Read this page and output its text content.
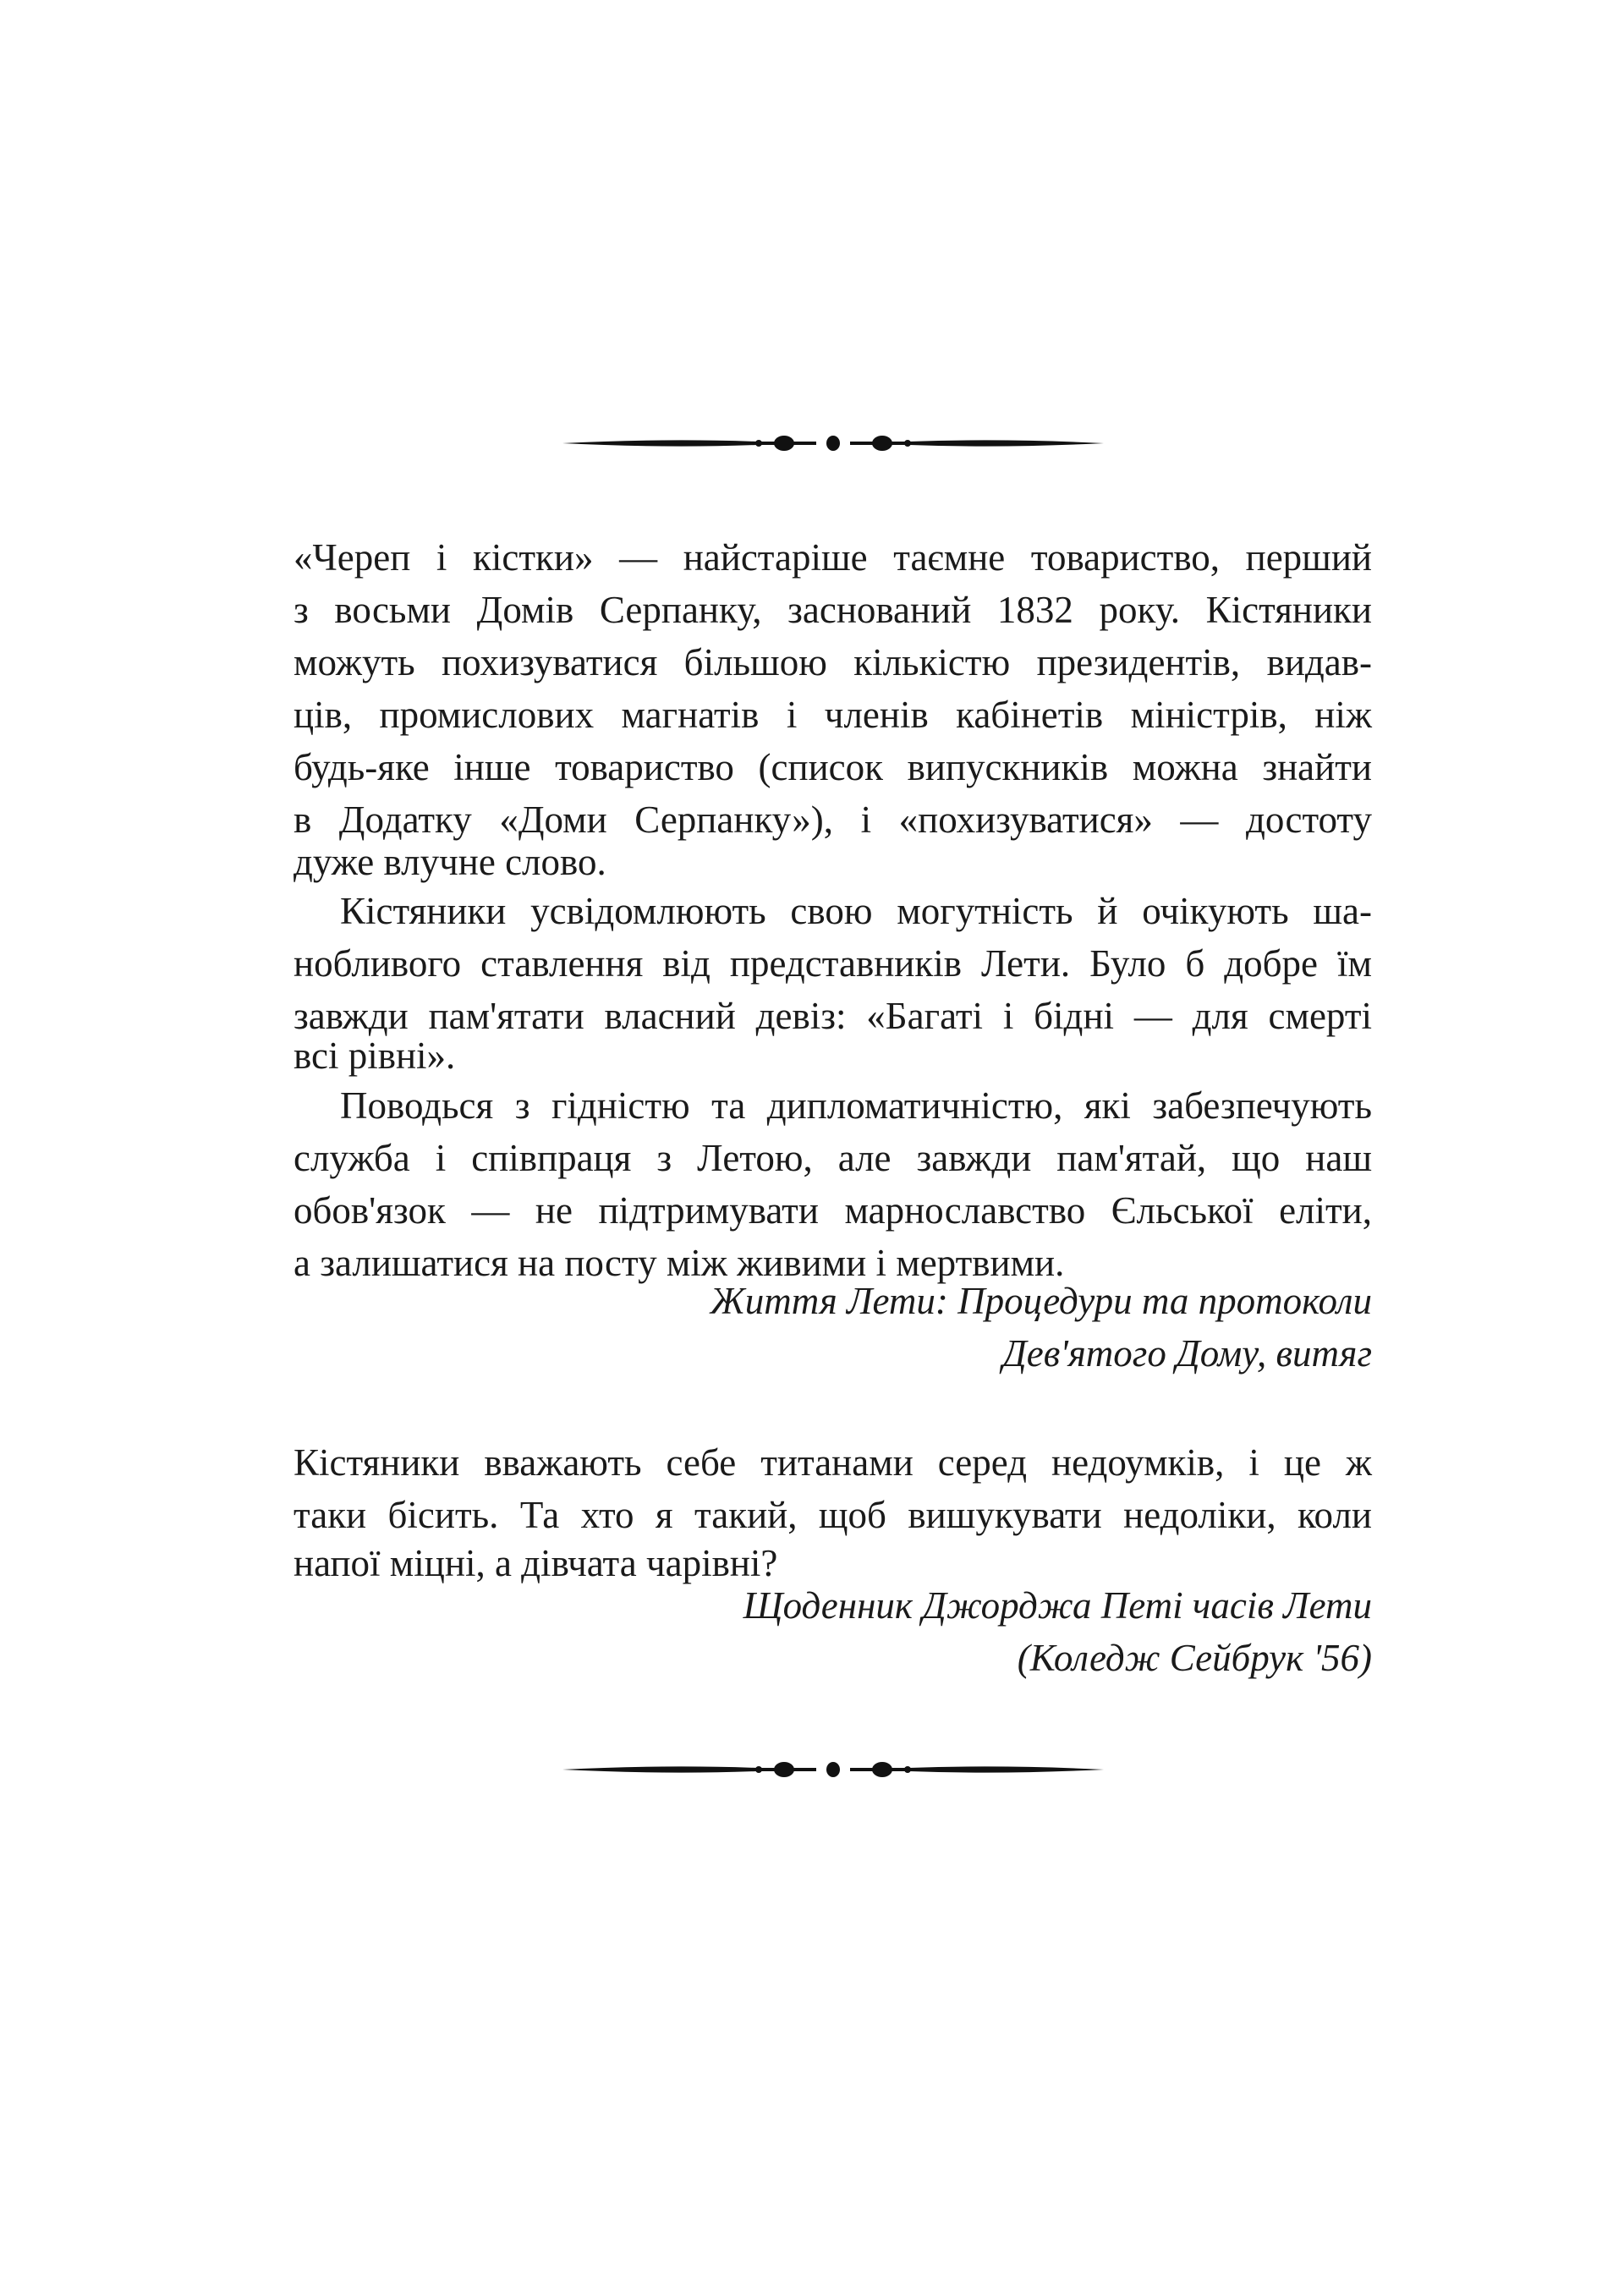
«Череп і кістки» — найстаріше таємне товариство, перший
з восьми Домів Серпанку, заснований 1832 року. Кістяники
можуть похизуватися більшою кількістю президентів, видав-
ців, промислових магнатів і членів кабінетів міністрів, ніж
будь-яке інше товариство (список випускників можна знайти
в Додатку «Доми Серпанку»), і «похизуватися» — достоту
дуже влучне слово.
Кістяники усвідомлюють свою могутність й очікують ша-
нобливого ставлення від представників Лети. Було б добре їм
завжди пам'ятати власний девіз: «Багаті і бідні — для смерті
всі рівні».
Поводься з гідністю та дипломатичністю, які забезпечують
служба і співпраця з Летою, але завжди пам'ятай, що наш
обов'язок — не підтримувати марнославство Єльської еліти,
а залишатися на посту між живими і мертвими.
Життя Лети: Процедури та протоколи
Дев'ятого Дому, витяг
Кістяники вважають себе титанами серед недоумків, і це ж
таки бісить. Та хто я такий, щоб вишукувати недоліки, коли
напої міцні, а дівчата чарівні?
Щоденник Джорджа Петі часів Лети
(Коледж Сейбрук '56)
